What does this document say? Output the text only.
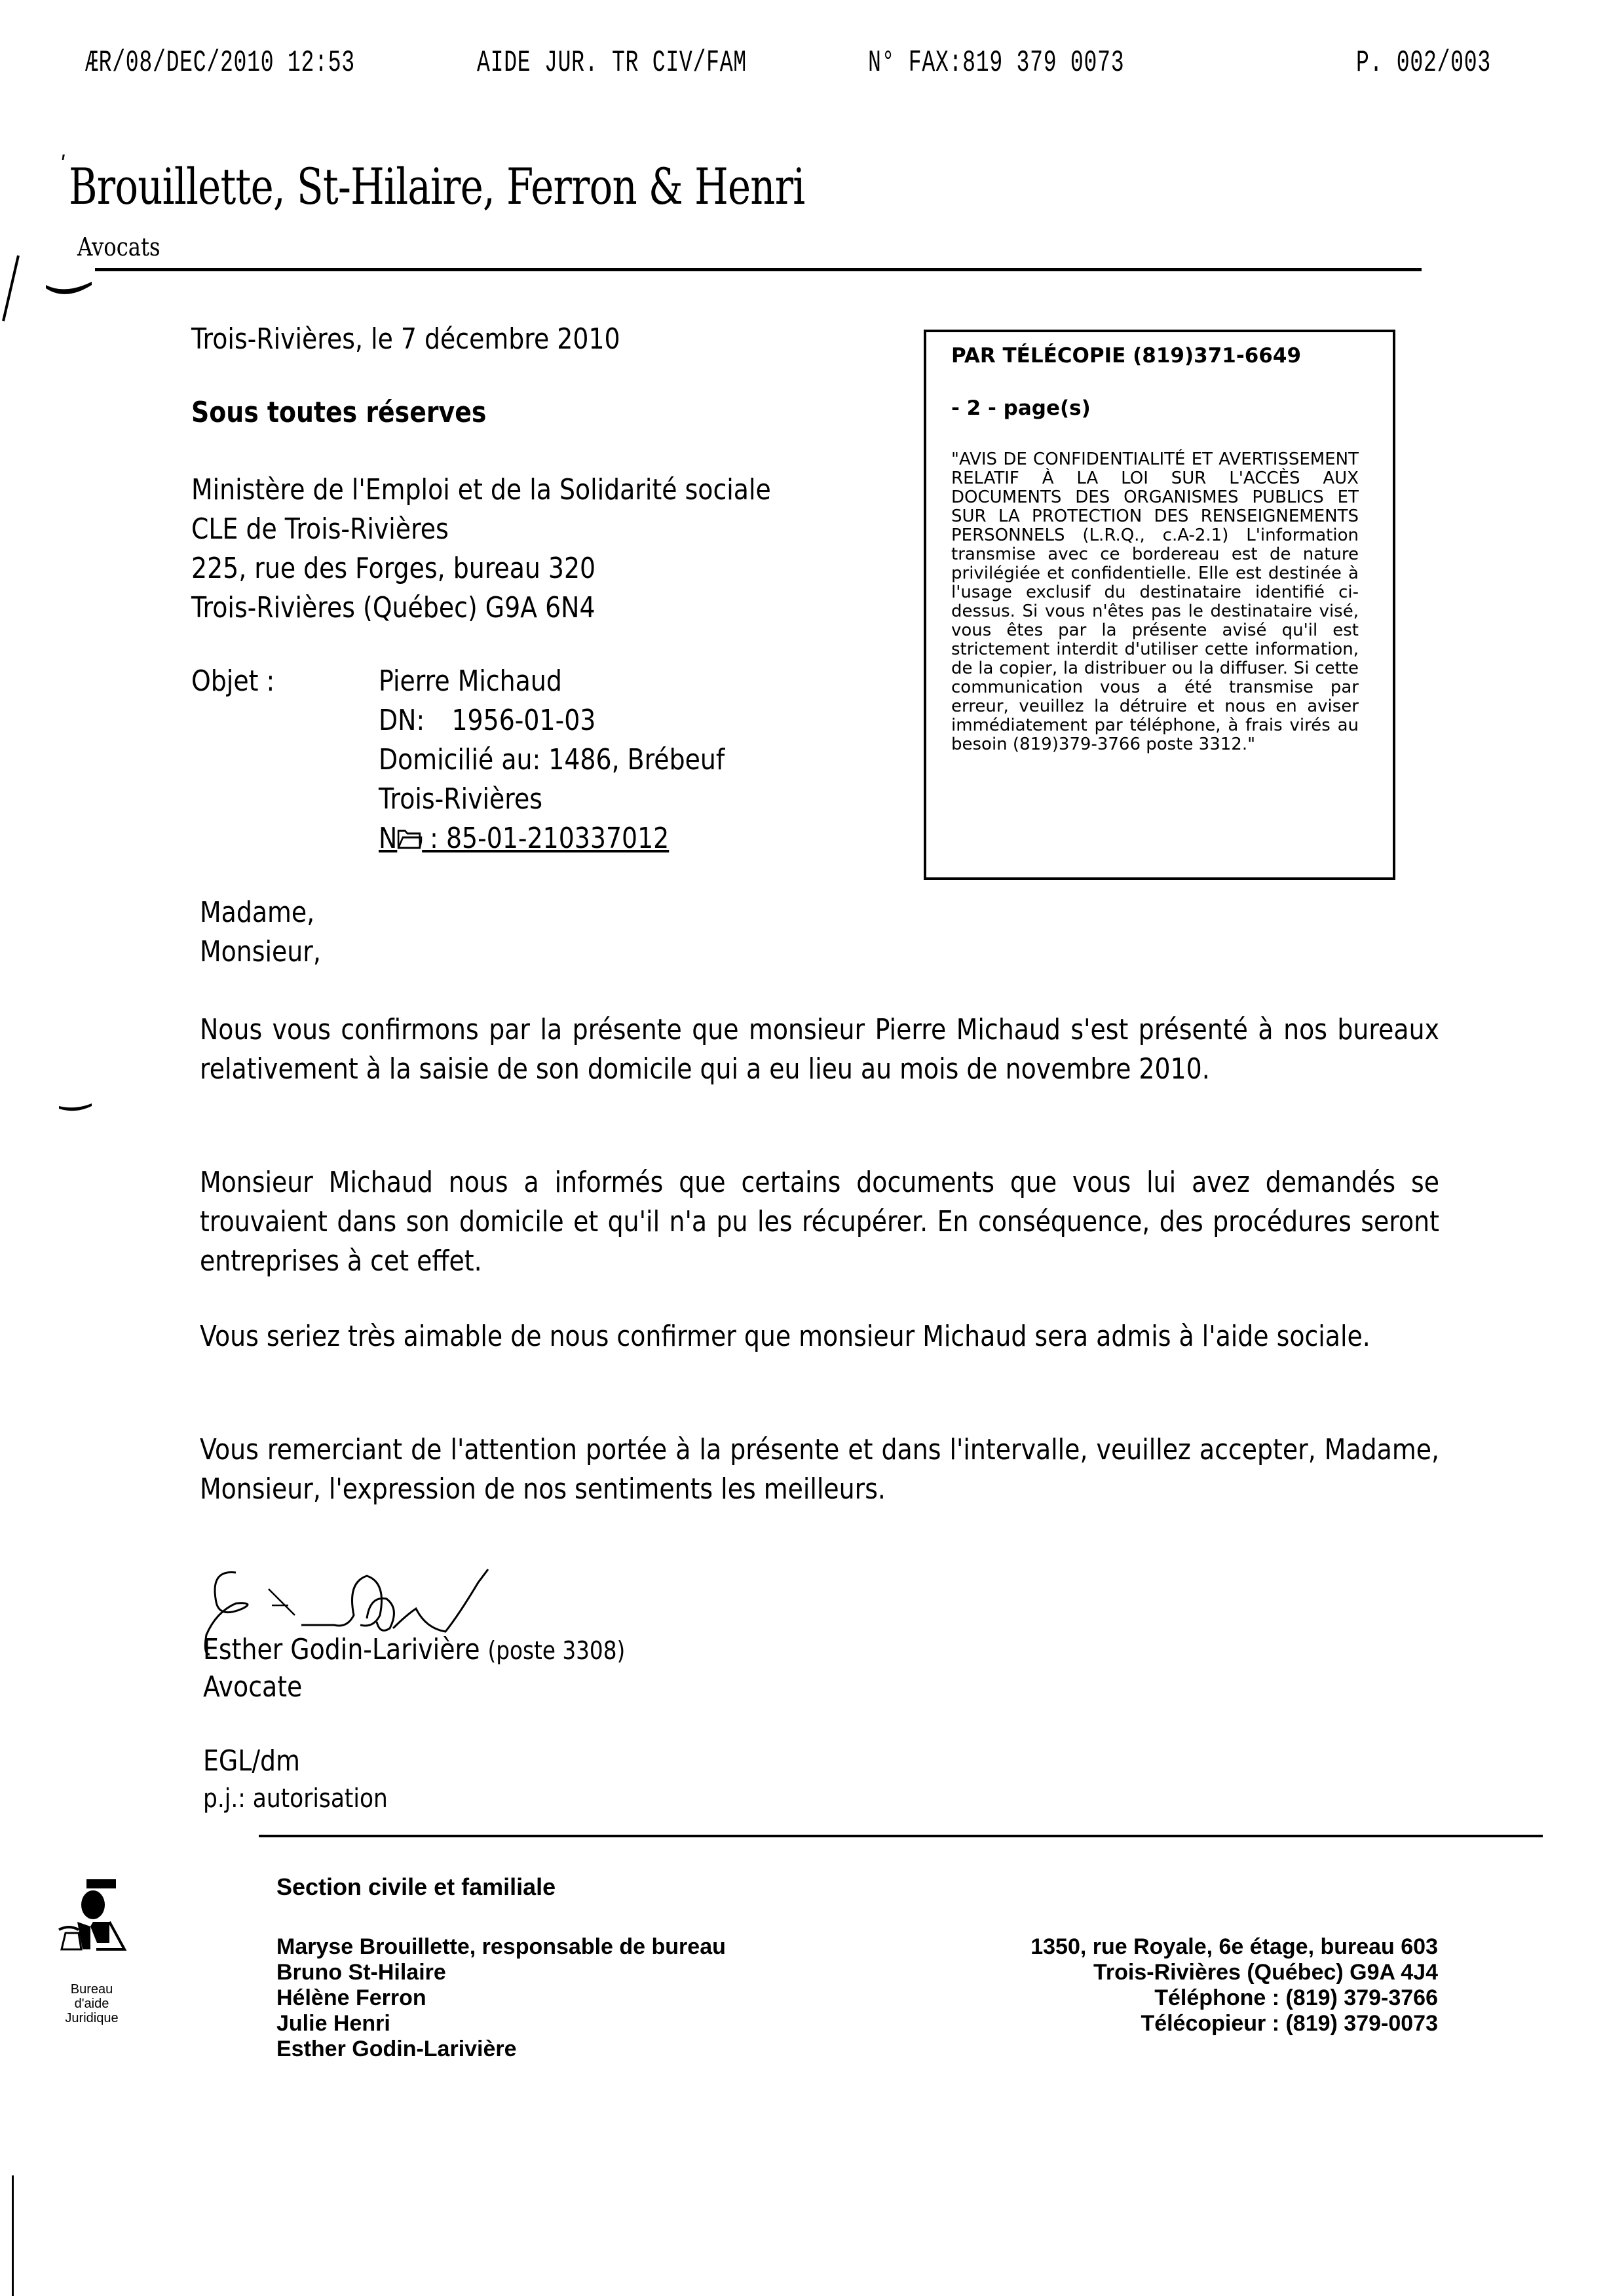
ÆR/08/DEC/2010 12:53	AIDE JUR. TR CIV/FAM	N° FAX:819 379 0073	P. 002/003
ʹ Brouillette, St-Hilaire, Ferron & Henri
Avocats
Trois-Rivières, le 7 décembre 2010
Sous toutes réserves
Ministère de l'Emploi et de la Solidarité sociale
CLE de Trois-Rivières
225, rue des Forges, bureau 320
Trois-Rivières (Québec) G9A 6N4
Objet :	Pierre Michaud
DN: 1956-01-03
Domicilié au: 1486, Brébeuf
Trois-Rivières
N : 85-01-210337012
PAR TÉLÉCOPIE (819)371-6649
- 2 - page(s)
"AVIS DE CONFIDENTIALITÉ ET AVERTISSEMENT RELATIF À LA LOI SUR L'ACCÈS AUX DOCUMENTS DES ORGANISMES PUBLICS ET SUR LA PROTECTION DES RENSEIGNEMENTS PERSONNELS (L.R.Q., c.A-2.1) L'information transmise avec ce bordereau est de nature privilégiée et confidentielle. Elle est destinée à l'usage exclusif du destinataire identifié ci-dessus. Si vous n'êtes pas le destinataire visé, vous êtes par la présente avisé qu'il est strictement interdit d'utiliser cette information, de la copier, la distribuer ou la diffuser. Si cette communication vous a été transmise par erreur, veuillez la détruire et nous en aviser immédiatement par téléphone, à frais virés au besoin (819)379-3766 poste 3312."
Madame,
Monsieur,
Nous vous confirmons par la présente que monsieur Pierre Michaud s'est présenté à nos bureaux relativement à la saisie de son domicile qui a eu lieu au mois de novembre 2010.
Monsieur Michaud nous a informés que certains documents que vous lui avez demandés se trouvaient dans son domicile et qu'il n'a pu les récupérer. En conséquence, des procédures seront entreprises à cet effet.
Vous seriez très aimable de nous confirmer que monsieur Michaud sera admis à l'aide sociale.
Vous remerciant de l'attention portée à la présente et dans l'intervalle, veuillez accepter, Madame, Monsieur, l'expression de nos sentiments les meilleurs.
Esther Godin-Larivière (poste 3308)
Avocate
EGL/dm
p.j.: autorisation
Bureau d'aide
Juridique
Section civile et familiale
Maryse Brouillette, responsable de bureau
Bruno St-Hilaire
Hélène Ferron
Julie Henri
Esther Godin-Larivière
1350, rue Royale, 6e étage, bureau 603
Trois-Rivières (Québec) G9A 4J4
Téléphone : (819) 379-3766
Télécopieur : (819) 379-0073
